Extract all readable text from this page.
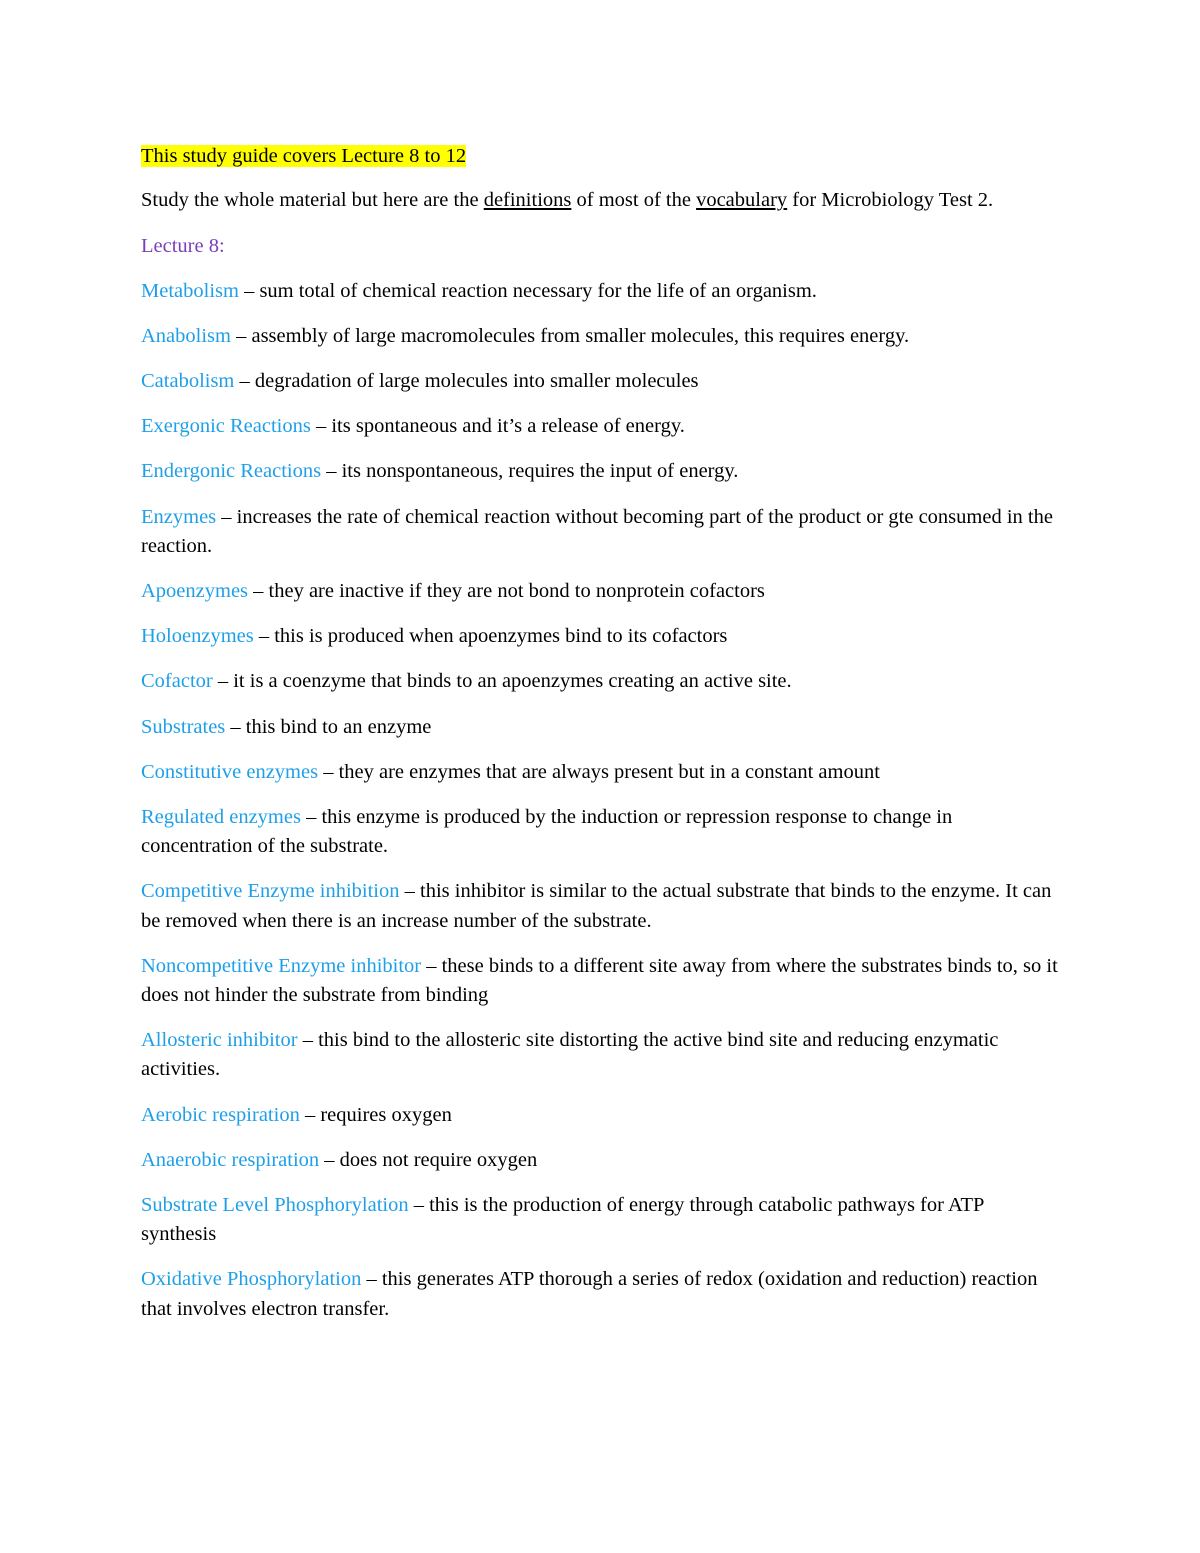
This study guide covers Lecture 8 to 12

Study the whole material but here are the definitions of most of the vocabulary for Microbiology Test 2.

Lecture 8:

Metabolism – sum total of chemical reaction necessary for the life of an organism.

Anabolism – assembly of large macromolecules from smaller molecules, this requires energy.

Catabolism – degradation of large molecules into smaller molecules

Exergonic Reactions – its spontaneous and it’s a release of energy.

Endergonic Reactions – its nonspontaneous, requires the input of energy.

Enzymes – increases the rate of chemical reaction without becoming part of the product or gte consumed in the reaction.

Apoenzymes – they are inactive if they are not bond to nonprotein cofactors

Holoenzymes – this is produced when apoenzymes bind to its cofactors

Cofactor – it is a coenzyme that binds to an apoenzymes creating an active site.

Substrates – this bind to an enzyme

Constitutive enzymes – they are enzymes that are always present but in a constant amount

Regulated enzymes – this enzyme is produced by the induction or repression response to change in concentration of the substrate.

Competitive Enzyme inhibition – this inhibitor is similar to the actual substrate that binds to the enzyme. It can be removed when there is an increase number of the substrate.

Noncompetitive Enzyme inhibitor – these binds to a different site away from where the substrates binds to, so it does not hinder the substrate from binding

Allosteric inhibitor – this bind to the allosteric site distorting the active bind site and reducing enzymatic activities.

Aerobic respiration – requires oxygen

Anaerobic respiration – does not require oxygen

Substrate Level Phosphorylation – this is the production of energy through catabolic pathways for ATP synthesis

Oxidative Phosphorylation – this generates ATP thorough a series of redox (oxidation and reduction) reaction that involves electron transfer.
